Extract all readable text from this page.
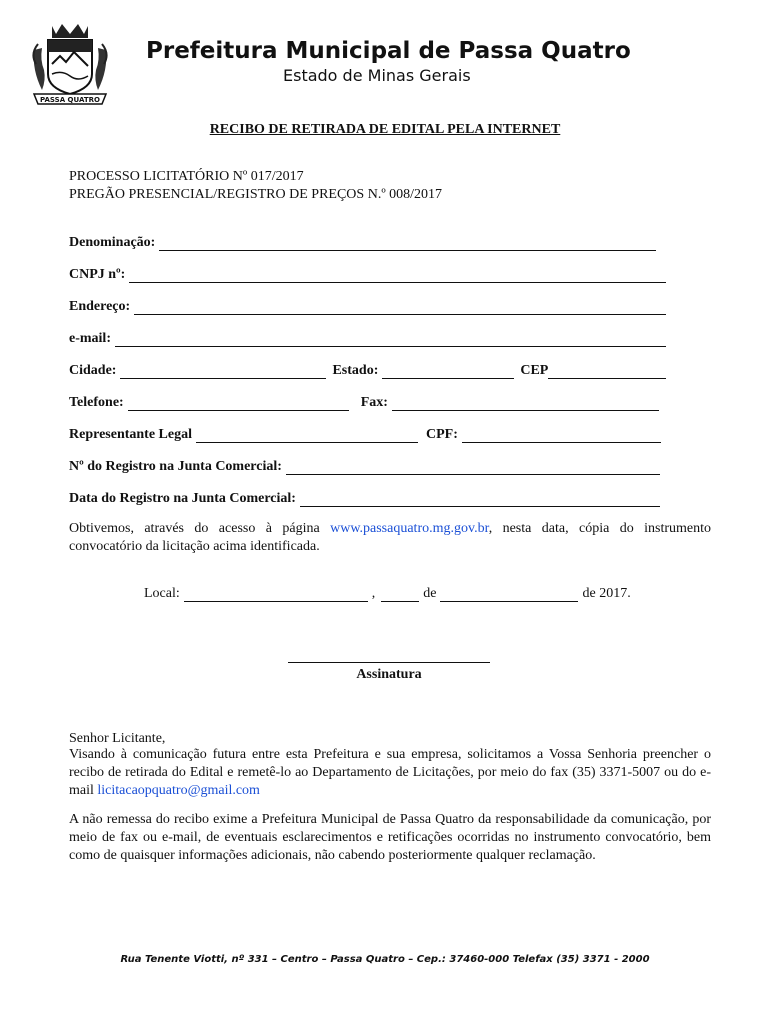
PASSA QUATRO
Prefeitura Municipal de Passa Quatro
Estado de Minas Gerais
RECIBO DE RETIRADA DE EDITAL PELA INTERNET
PROCESSO LICITATÓRIO Nº 017/2017
PREGÃO PRESENCIAL/REGISTRO DE PREÇOS N.º 008/2017
Denominação:
CNPJ nº:
Endereço:
e-mail:
Cidade:	Estado:	CEP
Telefone:	Fax:
Representante Legal	CPF:
Nº do Registro na Junta Comercial:
Data do Registro na Junta Comercial:
Obtivemos, através do acesso à página www.passaquatro.mg.gov.br, nesta data, cópia do instrumento convocatório da licitação acima identificada.
Local:	,	de	de 2017.
Assinatura
Senhor Licitante,
Visando à comunicação futura entre esta Prefeitura e sua empresa, solicitamos a Vossa Senhoria preencher o recibo de retirada do Edital e remetê-lo ao Departamento de Licitações, por meio do fax (35) 3371-5007 ou do e-mail licitacaopquatro@gmail.com
A não remessa do recibo exime a Prefeitura Municipal de Passa Quatro da responsabilidade da comunicação, por meio de fax ou e-mail, de eventuais esclarecimentos e retificações ocorridas no instrumento convocatório, bem como de quaisquer informações adicionais, não cabendo posteriormente qualquer reclamação.
Rua Tenente Viotti, nº 331 – Centro – Passa Quatro – Cep.: 37460-000 Telefax (35) 3371 - 2000
